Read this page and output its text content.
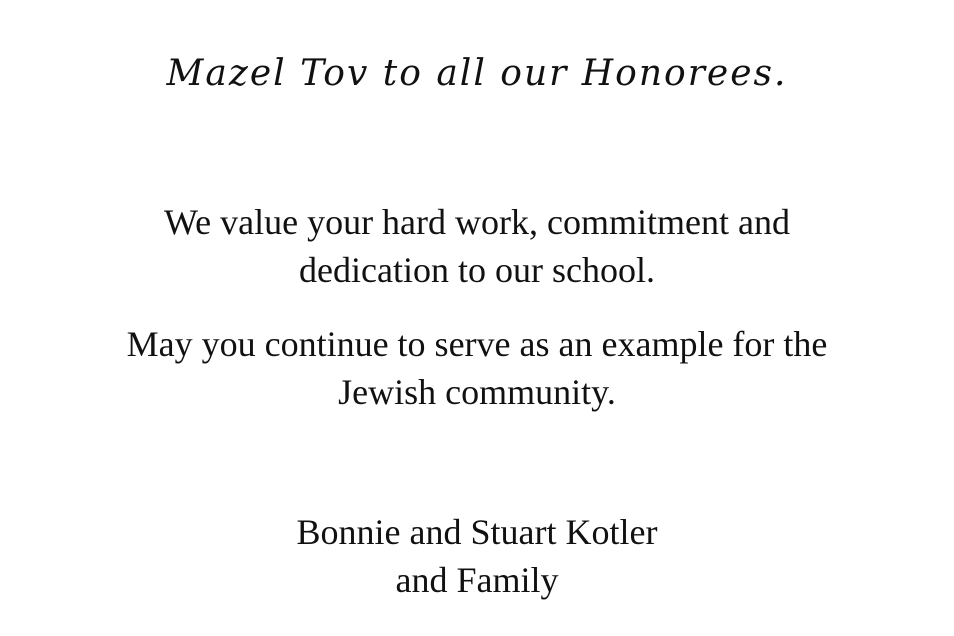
Mazel Tov to all our Honorees.

We value your hard work, commitment and
dedication to our school.

May you continue to serve as an example for the
Jewish community.

Bonnie and Stuart Kotler
and Family
